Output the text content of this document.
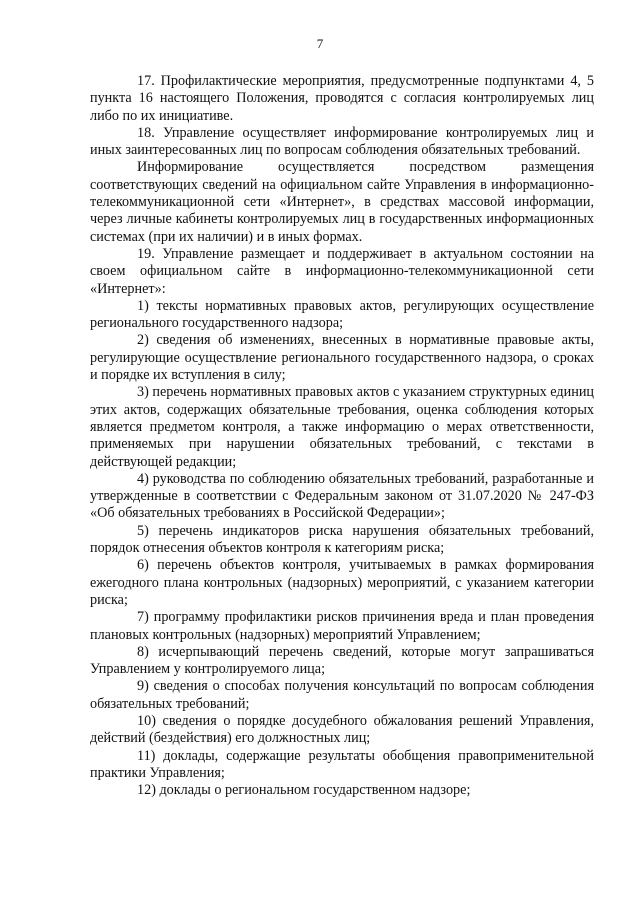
7

17. Профилактические мероприятия, предусмотренные подпунктами 4, 5 пункта 16 настоящего Положения, проводятся с согласия контролируемых лиц либо по их инициативе.

18. Управление осуществляет информирование контролируемых лиц и иных заинтересованных лиц по вопросам соблюдения обязательных требований.

Информирование осуществляется посредством размещения соответствующих сведений на официальном сайте Управления в информационно-телекоммуникационной сети «Интернет», в средствах массовой информации, через личные кабинеты контролируемых лиц в государственных информационных системах (при их наличии) и в иных формах.

19. Управление размещает и поддерживает в актуальном состоянии на своем официальном сайте в информационно-телекоммуникационной сети «Интернет»:

1) тексты нормативных правовых актов, регулирующих осуществление регионального государственного надзора;

2) сведения об изменениях, внесенных в нормативные правовые акты, регулирующие осуществление регионального государственного надзора, о сроках и порядке их вступления в силу;

3) перечень нормативных правовых актов с указанием структурных единиц этих актов, содержащих обязательные требования, оценка соблюдения которых является предметом контроля, а также информацию о мерах ответственности, применяемых при нарушении обязательных требований, с текстами в действующей редакции;

4) руководства по соблюдению обязательных требований, разработанные и утвержденные в соответствии с Федеральным законом от 31.07.2020 № 247-ФЗ «Об обязательных требованиях в Российской Федерации»;

5) перечень индикаторов риска нарушения обязательных требований, порядок отнесения объектов контроля к категориям риска;

6) перечень объектов контроля, учитываемых в рамках формирования ежегодного плана контрольных (надзорных) мероприятий, с указанием категории риска;

7) программу профилактики рисков причинения вреда и план проведения плановых контрольных (надзорных) мероприятий Управлением;

8) исчерпывающий перечень сведений, которые могут запрашиваться Управлением у контролируемого лица;

9) сведения о способах получения консультаций по вопросам соблюдения обязательных требований;

10) сведения о порядке досудебного обжалования решений Управления, действий (бездействия) его должностных лиц;

11) доклады, содержащие результаты обобщения правоприменительной практики Управления;

12) доклады о региональном государственном надзоре;
